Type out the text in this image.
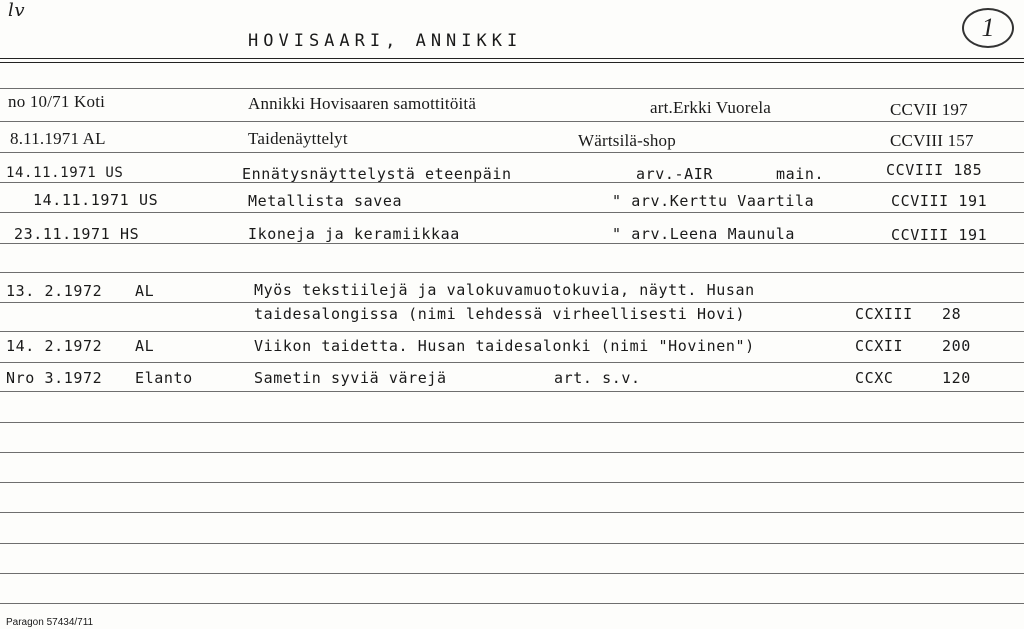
lv
HOVISAARI, ANNIKKI	1
no 10/71 Koti	Annikki Hovisaaren samottitöitä	art.Erkki Vuorela	CCVII 197
8.11.1971 AL	Taidenäyttelyt	Wärtsilä-shop	CCVIII 157
14.11.1971 US	Ennätysnäyttelystä eteenpäin	arv.-AIR	main.	CCVIII 185
14.11.1971 US	Metallista savea	" arv.Kerttu Vaartila	CCVIII 191
23.11.1971 HS	Ikoneja ja keramiikkaa	" arv.Leena Maunula	CCVIII 191
13. 2.1972 AL	Myös tekstiilejä ja valokuvamuotokuvia, näytt. Husan
taidesalongissa (nimi lehdessä virheellisesti Hovi)	CCXIII 28
14. 2.1972 AL	Viikon taidetta. Husan taidesalonki (nimi "Hovinen")	CCXII	200
Nro 3.1972 Elanto	Sametin syviä värejä	art. s.v.	CCXC	120
Paragon 57434/711
